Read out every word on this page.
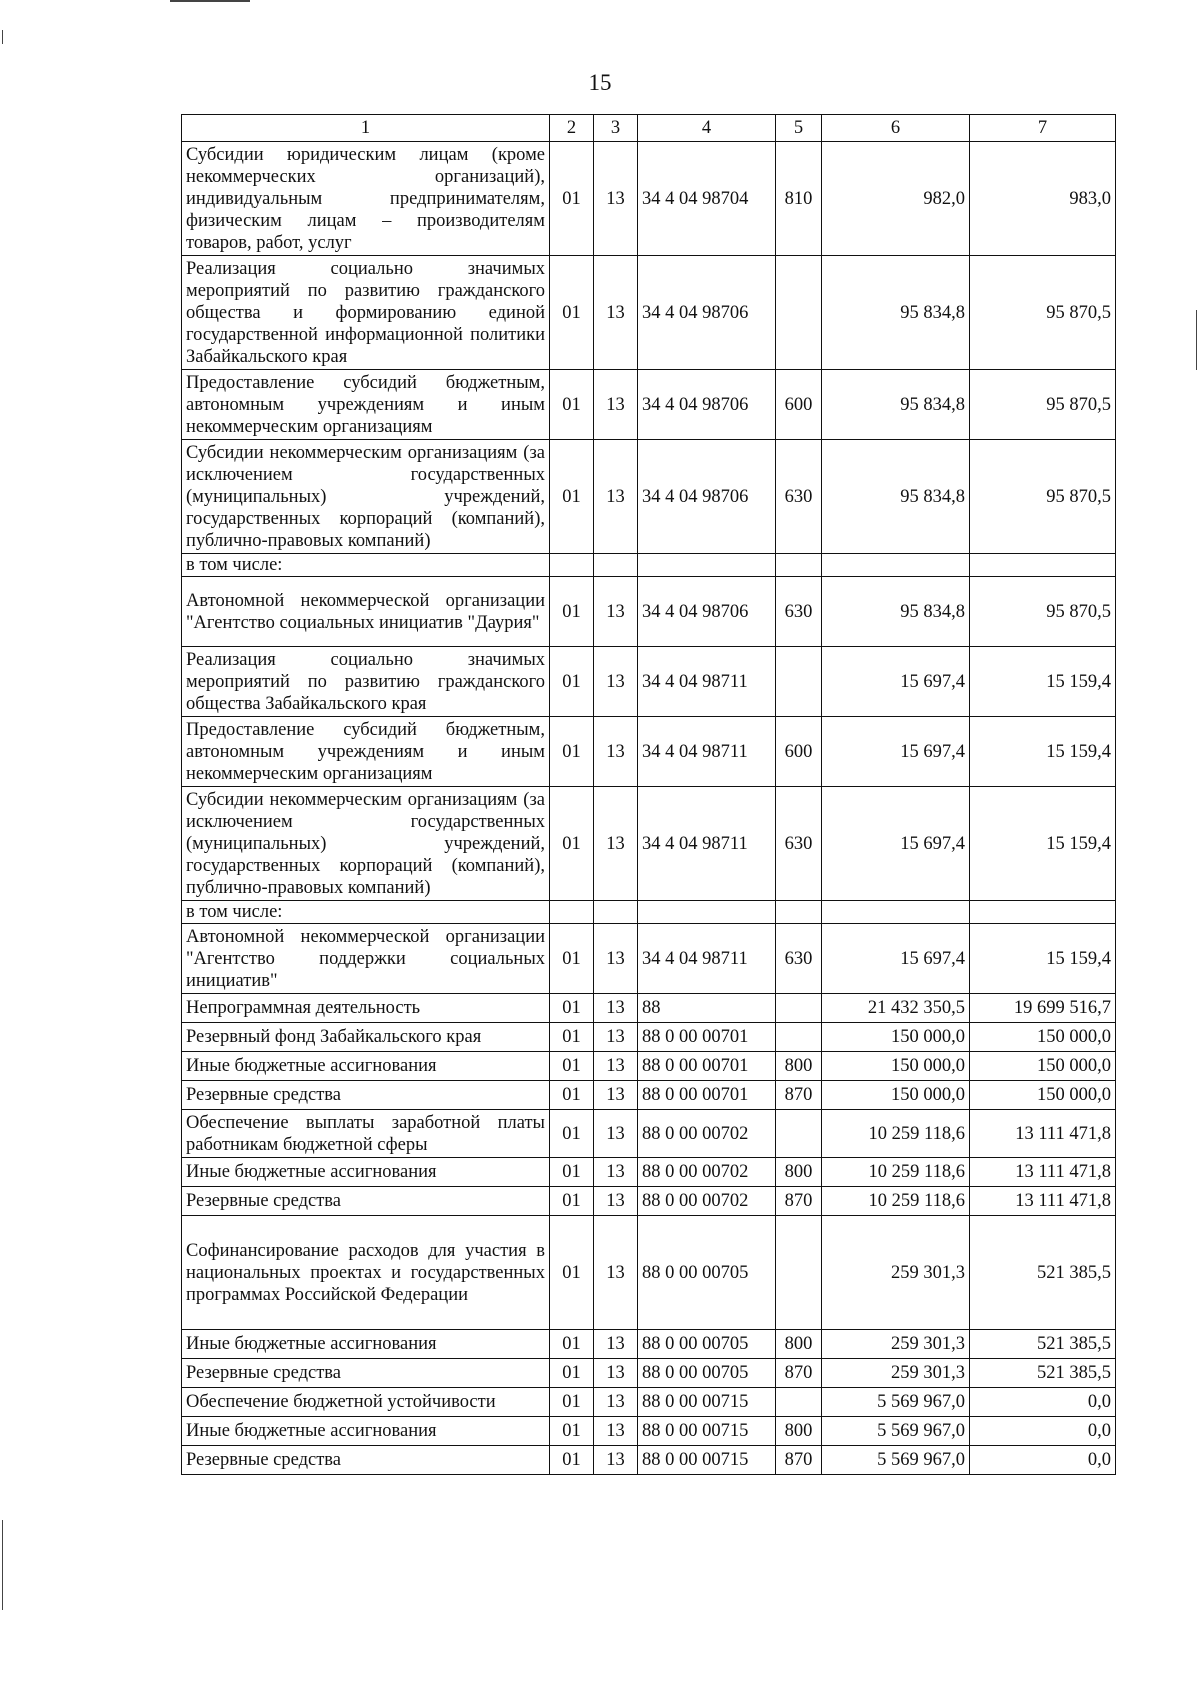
15
1	2	3	4	5	6	7
Субсидии юридическим лицам (кроме некоммерческих организаций), индивидуальным предпринимателям, физическим лицам – производителям товаров, работ, услуг	01	13	34 4 04 98704	810	982,0	983,0
Реализация социально значимых мероприятий по развитию гражданского общества и формированию единой государственной информационной политики Забайкальского края	01	13	34 4 04 98706		95 834,8	95 870,5
Предоставление субсидий бюджетным, автономным учреждениям и иным некоммерческим организациям	01	13	34 4 04 98706	600	95 834,8	95 870,5
Субсидии некоммерческим организациям (за исключением государственных (муниципальных) учреждений, государственных корпораций (компаний), публично-правовых компаний)	01	13	34 4 04 98706	630	95 834,8	95 870,5
в том числе:						
Автономной некоммерческой организации "Агентство социальных инициатив "Даурия"	01	13	34 4 04 98706	630	95 834,8	95 870,5
Реализация социально значимых мероприятий по развитию гражданского общества Забайкальского края	01	13	34 4 04 98711		15 697,4	15 159,4
Предоставление субсидий бюджетным, автономным учреждениям и иным некоммерческим организациям	01	13	34 4 04 98711	600	15 697,4	15 159,4
Субсидии некоммерческим организациям (за исключением государственных (муниципальных) учреждений, государственных корпораций (компаний), публично-правовых компаний)	01	13	34 4 04 98711	630	15 697,4	15 159,4
в том числе:						
Автономной некоммерческой организации "Агентство поддержки социальных инициатив"	01	13	34 4 04 98711	630	15 697,4	15 159,4
Непрограммная деятельность	01	13	88		21 432 350,5	19 699 516,7
Резервный фонд Забайкальского края	01	13	88 0 00 00701		150 000,0	150 000,0
Иные бюджетные ассигнования	01	13	88 0 00 00701	800	150 000,0	150 000,0
Резервные средства	01	13	88 0 00 00701	870	150 000,0	150 000,0
Обеспечение выплаты заработной платы работникам бюджетной сферы	01	13	88 0 00 00702		10 259 118,6	13 111 471,8
Иные бюджетные ассигнования	01	13	88 0 00 00702	800	10 259 118,6	13 111 471,8
Резервные средства	01	13	88 0 00 00702	870	10 259 118,6	13 111 471,8
Софинансирование расходов для участия в национальных проектах и государственных программах Российской Федерации	01	13	88 0 00 00705		259 301,3	521 385,5
Иные бюджетные ассигнования	01	13	88 0 00 00705	800	259 301,3	521 385,5
Резервные средства	01	13	88 0 00 00705	870	259 301,3	521 385,5
Обеспечение бюджетной устойчивости	01	13	88 0 00 00715		5 569 967,0	0,0
Иные бюджетные ассигнования	01	13	88 0 00 00715	800	5 569 967,0	0,0
Резервные средства	01	13	88 0 00 00715	870	5 569 967,0	0,0
